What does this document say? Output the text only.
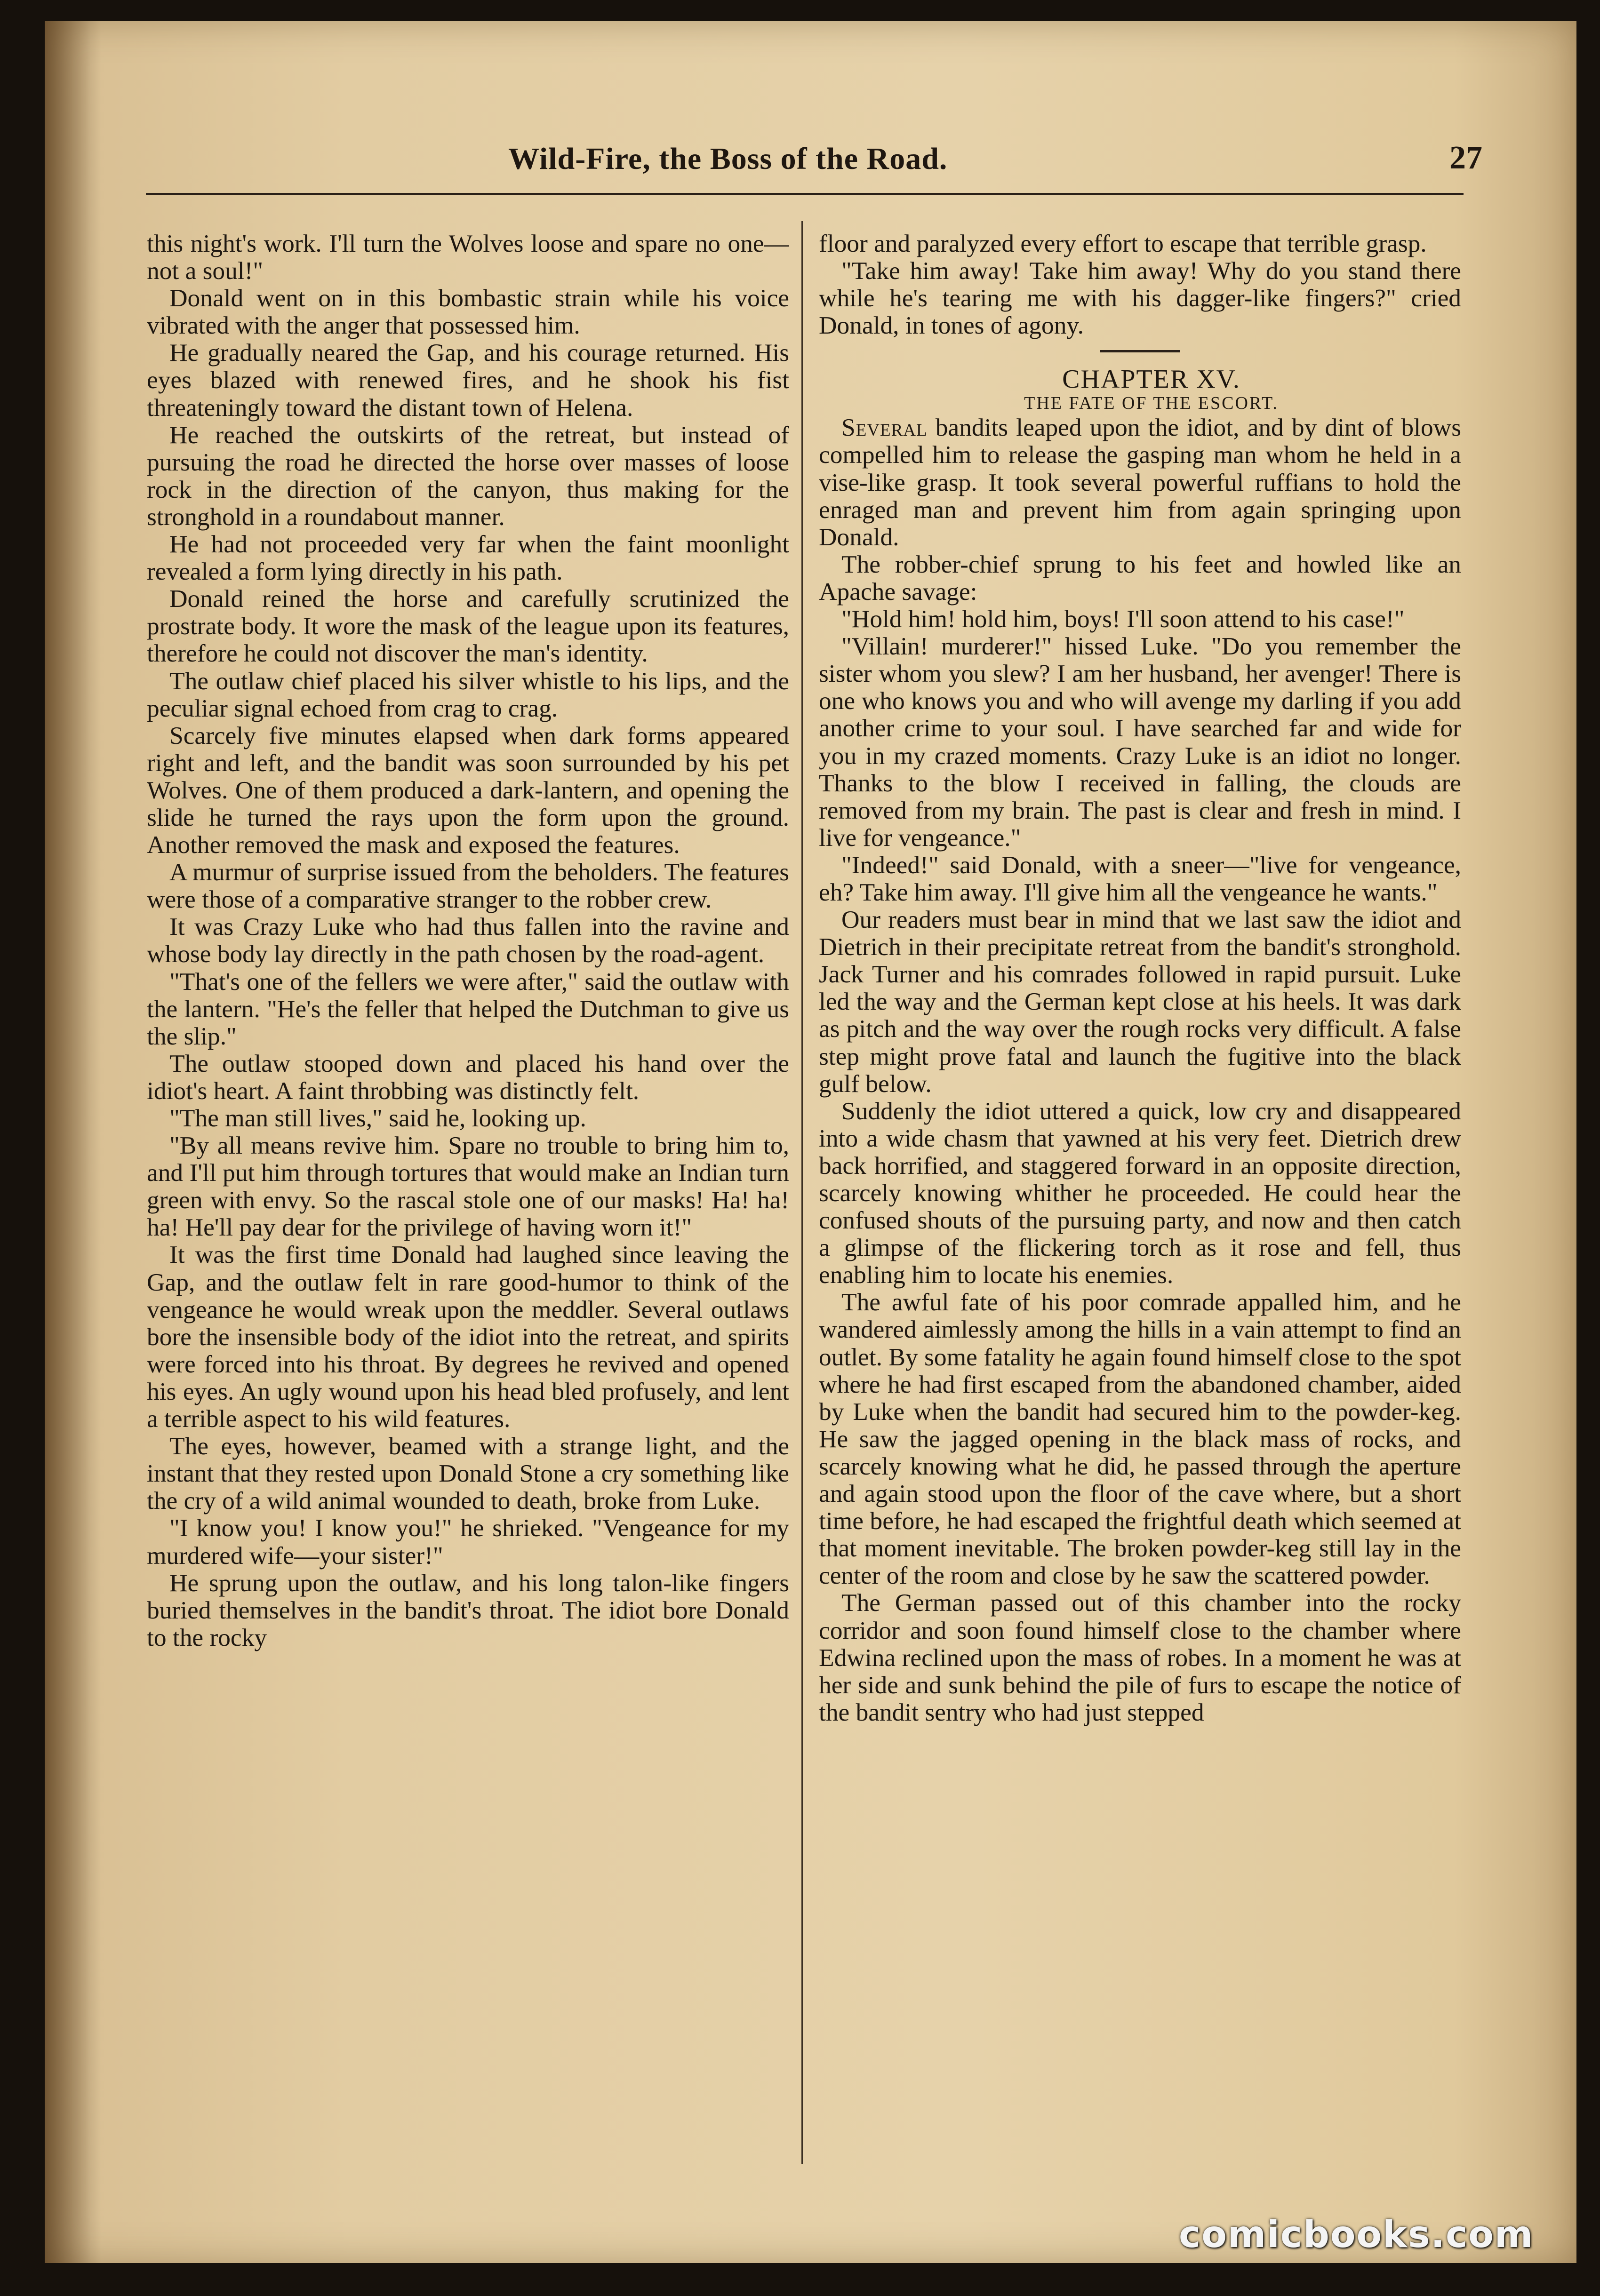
Wild-Fire, the Boss of the Road.	27

this night's work. I'll turn the Wolves loose and spare no one—not a soul!"

Donald went on in this bombastic strain while his voice vibrated with the anger that possessed him.

He gradually neared the Gap, and his courage returned. His eyes blazed with renewed fires, and he shook his fist threateningly toward the distant town of Helena.

He reached the outskirts of the retreat, but instead of pursuing the road he directed the horse over masses of loose rock in the direction of the canyon, thus making for the stronghold in a roundabout manner.

He had not proceeded very far when the faint moonlight revealed a form lying directly in his path.

Donald reined the horse and carefully scrutinized the prostrate body. It wore the mask of the league upon its features, therefore he could not discover the man's identity.

The outlaw chief placed his silver whistle to his lips, and the peculiar signal echoed from crag to crag.

Scarcely five minutes elapsed when dark forms appeared right and left, and the bandit was soon surrounded by his pet Wolves. One of them produced a dark-lantern, and opening the slide he turned the rays upon the form upon the ground. Another removed the mask and exposed the features.

A murmur of surprise issued from the beholders. The features were those of a comparative stranger to the robber crew.

It was Crazy Luke who had thus fallen into the ravine and whose body lay directly in the path chosen by the road-agent.

"That's one of the fellers we were after," said the outlaw with the lantern. "He's the feller that helped the Dutchman to give us the slip."

The outlaw stooped down and placed his hand over the idiot's heart. A faint throbbing was distinctly felt.

"The man still lives," said he, looking up.

"By all means revive him. Spare no trouble to bring him to, and I'll put him through tortures that would make an Indian turn green with envy. So the rascal stole one of our masks! Ha! ha! ha! He'll pay dear for the privilege of having worn it!"

It was the first time Donald had laughed since leaving the Gap, and the outlaw felt in rare good-humor to think of the vengeance he would wreak upon the meddler. Several outlaws bore the insensible body of the idiot into the retreat, and spirits were forced into his throat. By degrees he revived and opened his eyes. An ugly wound upon his head bled profusely, and lent a terrible aspect to his wild features.

The eyes, however, beamed with a strange light, and the instant that they rested upon Donald Stone a cry something like the cry of a wild animal wounded to death, broke from Luke.

"I know you! I know you!" he shrieked. "Vengeance for my murdered wife—your sister!"

He sprung upon the outlaw, and his long talon-like fingers buried themselves in the bandit's throat. The idiot bore Donald to the rocky

floor and paralyzed every effort to escape that terrible grasp.

"Take him away! Take him away! Why do you stand there while he's tearing me with his dagger-like fingers?" cried Donald, in tones of agony.

CHAPTER XV.

THE FATE OF THE ESCORT.

Several bandits leaped upon the idiot, and by dint of blows compelled him to release the gasping man whom he held in a vise-like grasp. It took several powerful ruffians to hold the enraged man and prevent him from again springing upon Donald.

The robber-chief sprung to his feet and howled like an Apache savage:

"Hold him! hold him, boys! I'll soon attend to his case!"

"Villain! murderer!" hissed Luke. "Do you remember the sister whom you slew? I am her husband, her avenger! There is one who knows you and who will avenge my darling if you add another crime to your soul. I have searched far and wide for you in my crazed moments. Crazy Luke is an idiot no longer. Thanks to the blow I received in falling, the clouds are removed from my brain. The past is clear and fresh in mind. I live for vengeance."

"Indeed!" said Donald, with a sneer—"live for vengeance, eh? Take him away. I'll give him all the vengeance he wants."

Our readers must bear in mind that we last saw the idiot and Dietrich in their precipitate retreat from the bandit's stronghold. Jack Turner and his comrades followed in rapid pursuit. Luke led the way and the German kept close at his heels. It was dark as pitch and the way over the rough rocks very difficult. A false step might prove fatal and launch the fugitive into the black gulf below.

Suddenly the idiot uttered a quick, low cry and disappeared into a wide chasm that yawned at his very feet. Dietrich drew back horrified, and staggered forward in an opposite direction, scarcely knowing whither he proceeded. He could hear the confused shouts of the pursuing party, and now and then catch a glimpse of the flickering torch as it rose and fell, thus enabling him to locate his enemies.

The awful fate of his poor comrade appalled him, and he wandered aimlessly among the hills in a vain attempt to find an outlet. By some fatality he again found himself close to the spot where he had first escaped from the abandoned chamber, aided by Luke when the bandit had secured him to the powder-keg. He saw the jagged opening in the black mass of rocks, and scarcely knowing what he did, he passed through the aperture and again stood upon the floor of the cave where, but a short time before, he had escaped the frightful death which seemed at that moment inevitable. The broken powder-keg still lay in the center of the room and close by he saw the scattered powder.

The German passed out of this chamber into the rocky corridor and soon found himself close to the chamber where Edwina reclined upon the mass of robes. In a moment he was at her side and sunk behind the pile of furs to escape the notice of the bandit sentry who had just stepped

comicbooks.com
